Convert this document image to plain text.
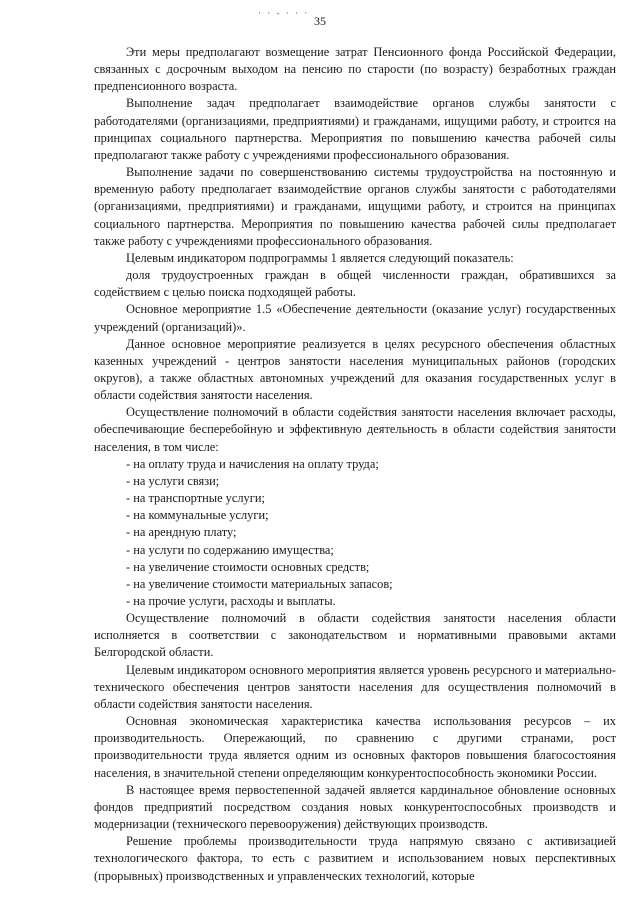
· · - · · ·
35

Эти меры предполагают возмещение затрат Пенсионного фонда Российской Федерации, связанных с досрочным выходом на пенсию по старости (по возрасту) безработных граждан предпенсионного возраста.

Выполнение задач предполагает взаимодействие органов службы занятости с работодателями (организациями, предприятиями) и гражданами, ищущими работу, и строится на принципах социального партнерства. Мероприятия по повышению качества рабочей силы предполагают также работу с учреждениями профессионального образования.

Выполнение задачи по совершенствованию системы трудоустройства на постоянную и временную работу предполагает взаимодействие органов службы занятости с работодателями (организациями, предприятиями) и гражданами, ищущими работу, и строится на принципах социального партнерства. Мероприятия по повышению качества рабочей силы предполагает также работу с учреждениями профессионального образования.

Целевым индикатором подпрограммы 1 является следующий показатель:

доля трудоустроенных граждан в общей численности граждан, обратившихся за содействием с целью поиска подходящей работы.

Основное мероприятие 1.5 «Обеспечение деятельности (оказание услуг) государственных учреждений (организаций)».

Данное основное мероприятие реализуется в целях ресурсного обеспечения областных казенных учреждений - центров занятости населения муниципальных районов (городских округов), а также областных автономных учреждений для оказания государственных услуг в области содействия занятости населения.

Осуществление полномочий в области содействия занятости населения включает расходы, обеспечивающие бесперебойную и эффективную деятельность в области содействия занятости населения, в том числе:

- на оплату труда и начисления на оплату труда;

- на услуги связи;

- на транспортные услуги;

- на коммунальные услуги;

- на арендную плату;

- на услуги по содержанию имущества;

- на увеличение стоимости основных средств;

- на увеличение стоимости материальных запасов;

- на прочие услуги, расходы и выплаты.

Осуществление полномочий в области содействия занятости населения области исполняется в соответствии с законодательством и нормативными правовыми актами Белгородской области.

Целевым индикатором основного мероприятия является уровень ресурсного и материально-технического обеспечения центров занятости населения для осуществления полномочий в области содействия занятости населения.

Основная экономическая характеристика качества использования ресурсов – их производительность. Опережающий, по сравнению с другими странами, рост производительности труда является одним из основных факторов повышения благосостояния населения, в значительной степени определяющим конкурентоспособность экономики России.

В настоящее время первостепенной задачей является кардинальное обновление основных фондов предприятий посредством создания новых конкурентоспособных производств и модернизации (технического перевооружения) действующих производств.

Решение проблемы производительности труда напрямую связано с активизацией технологического фактора, то есть с развитием и использованием новых перспективных (прорывных) производственных и управленческих технологий, которые
